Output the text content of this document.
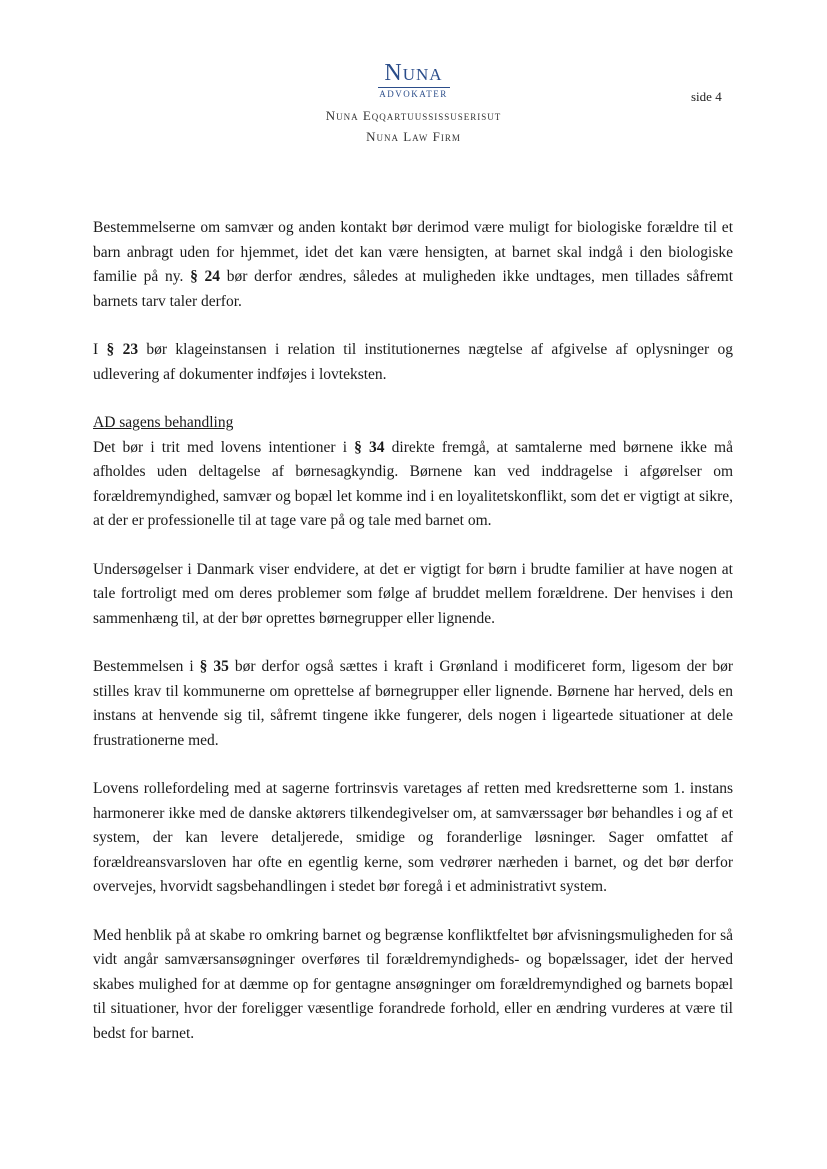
Nuna
ADVOKATER
Nuna Eqqartuussissuserisut
Nuna Law Firm
side 4

Bestemmelserne om samvær og anden kontakt bør derimod være muligt for biologiske forældre til et barn anbragt uden for hjemmet, idet det kan være hensigten, at barnet skal indgå i den biologiske familie på ny. § 24 bør derfor ændres, således at muligheden ikke undtages, men tillades såfremt barnets tarv taler derfor.

I § 23 bør klageinstansen i relation til institutionernes nægtelse af afgivelse af oplysninger og udlevering af dokumenter indføjes i lovteksten.

AD sagens behandling
Det bør i trit med lovens intentioner i § 34 direkte fremgå, at samtalerne med børnene ikke må afholdes uden deltagelse af børnesagkyndig. Børnene kan ved inddragelse i afgørelser om forældremyndighed, samvær og bopæl let komme ind i en loyalitetskonflikt, som det er vigtigt at sikre, at der er professionelle til at tage vare på og tale med barnet om.

Undersøgelser i Danmark viser endvidere, at det er vigtigt for børn i brudte familier at have nogen at tale fortroligt med om deres problemer som følge af bruddet mellem forældrene. Der henvises i den sammenhæng til, at der bør oprettes børnegrupper eller lignende.

Bestemmelsen i § 35 bør derfor også sættes i kraft i Grønland i modificeret form, ligesom der bør stilles krav til kommunerne om oprettelse af børnegrupper eller lignende. Børnene har herved, dels en instans at henvende sig til, såfremt tingene ikke fungerer, dels nogen i ligeartede situationer at dele frustrationerne med.

Lovens rollefordeling med at sagerne fortrinsvis varetages af retten med kredsretterne som 1. instans harmonerer ikke med de danske aktørers tilkendegivelser om, at samværssager bør behandles i og af et system, der kan levere detaljerede, smidige og foranderlige løsninger. Sager omfattet af forældreansvarsloven har ofte en egentlig kerne, som vedrører nærheden i barnet, og det bør derfor overvejes, hvorvidt sagsbehandlingen i stedet bør foregå i et administrativt system.

Med henblik på at skabe ro omkring barnet og begrænse konfliktfeltet bør afvisningsmuligheden for så vidt angår samværsansøgninger overføres til forældremyndigheds- og bopælssager, idet der herved skabes mulighed for at dæmme op for gentagne ansøgninger om forældremyndighed og barnets bopæl til situationer, hvor der foreligger væsentlige forandrede forhold, eller en ændring vurderes at være til bedst for barnet.
